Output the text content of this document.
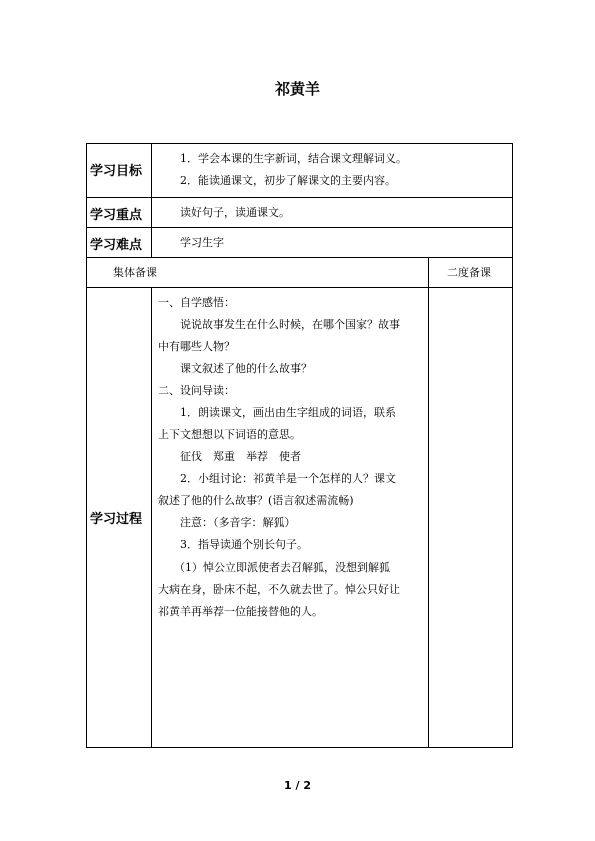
祁黄羊
学习目标
学习重点
学习难点
集体备课	二度备课
学习过程
1．学会本课的生字新词，结合课文理解词义。
2．能读通课文，初步了解课文的主要内容。
读好句子，读通课文。
学习生字
一、自学感悟：
说说故事发生在什么时候，在哪个国家？故事
中有哪些人物？
课文叙述了他的什么故事？
二、设问导读：
1．朗读课文，画出由生字组成的词语，联系
上下文想想以下词语的意思。
征伐　郑重　举荐　使者
2．小组讨论：祁黄羊是一个怎样的人？课文
叙述了他的什么故事？(语言叙述需流畅)
注意：（多音字：解狐）
3．指导读通个别长句子。
（1）悼公立即派使者去召解狐，没想到解狐
大病在身，卧床不起，不久就去世了。悼公只好让
祁黄羊再举荐一位能接替他的人。
1 / 2
